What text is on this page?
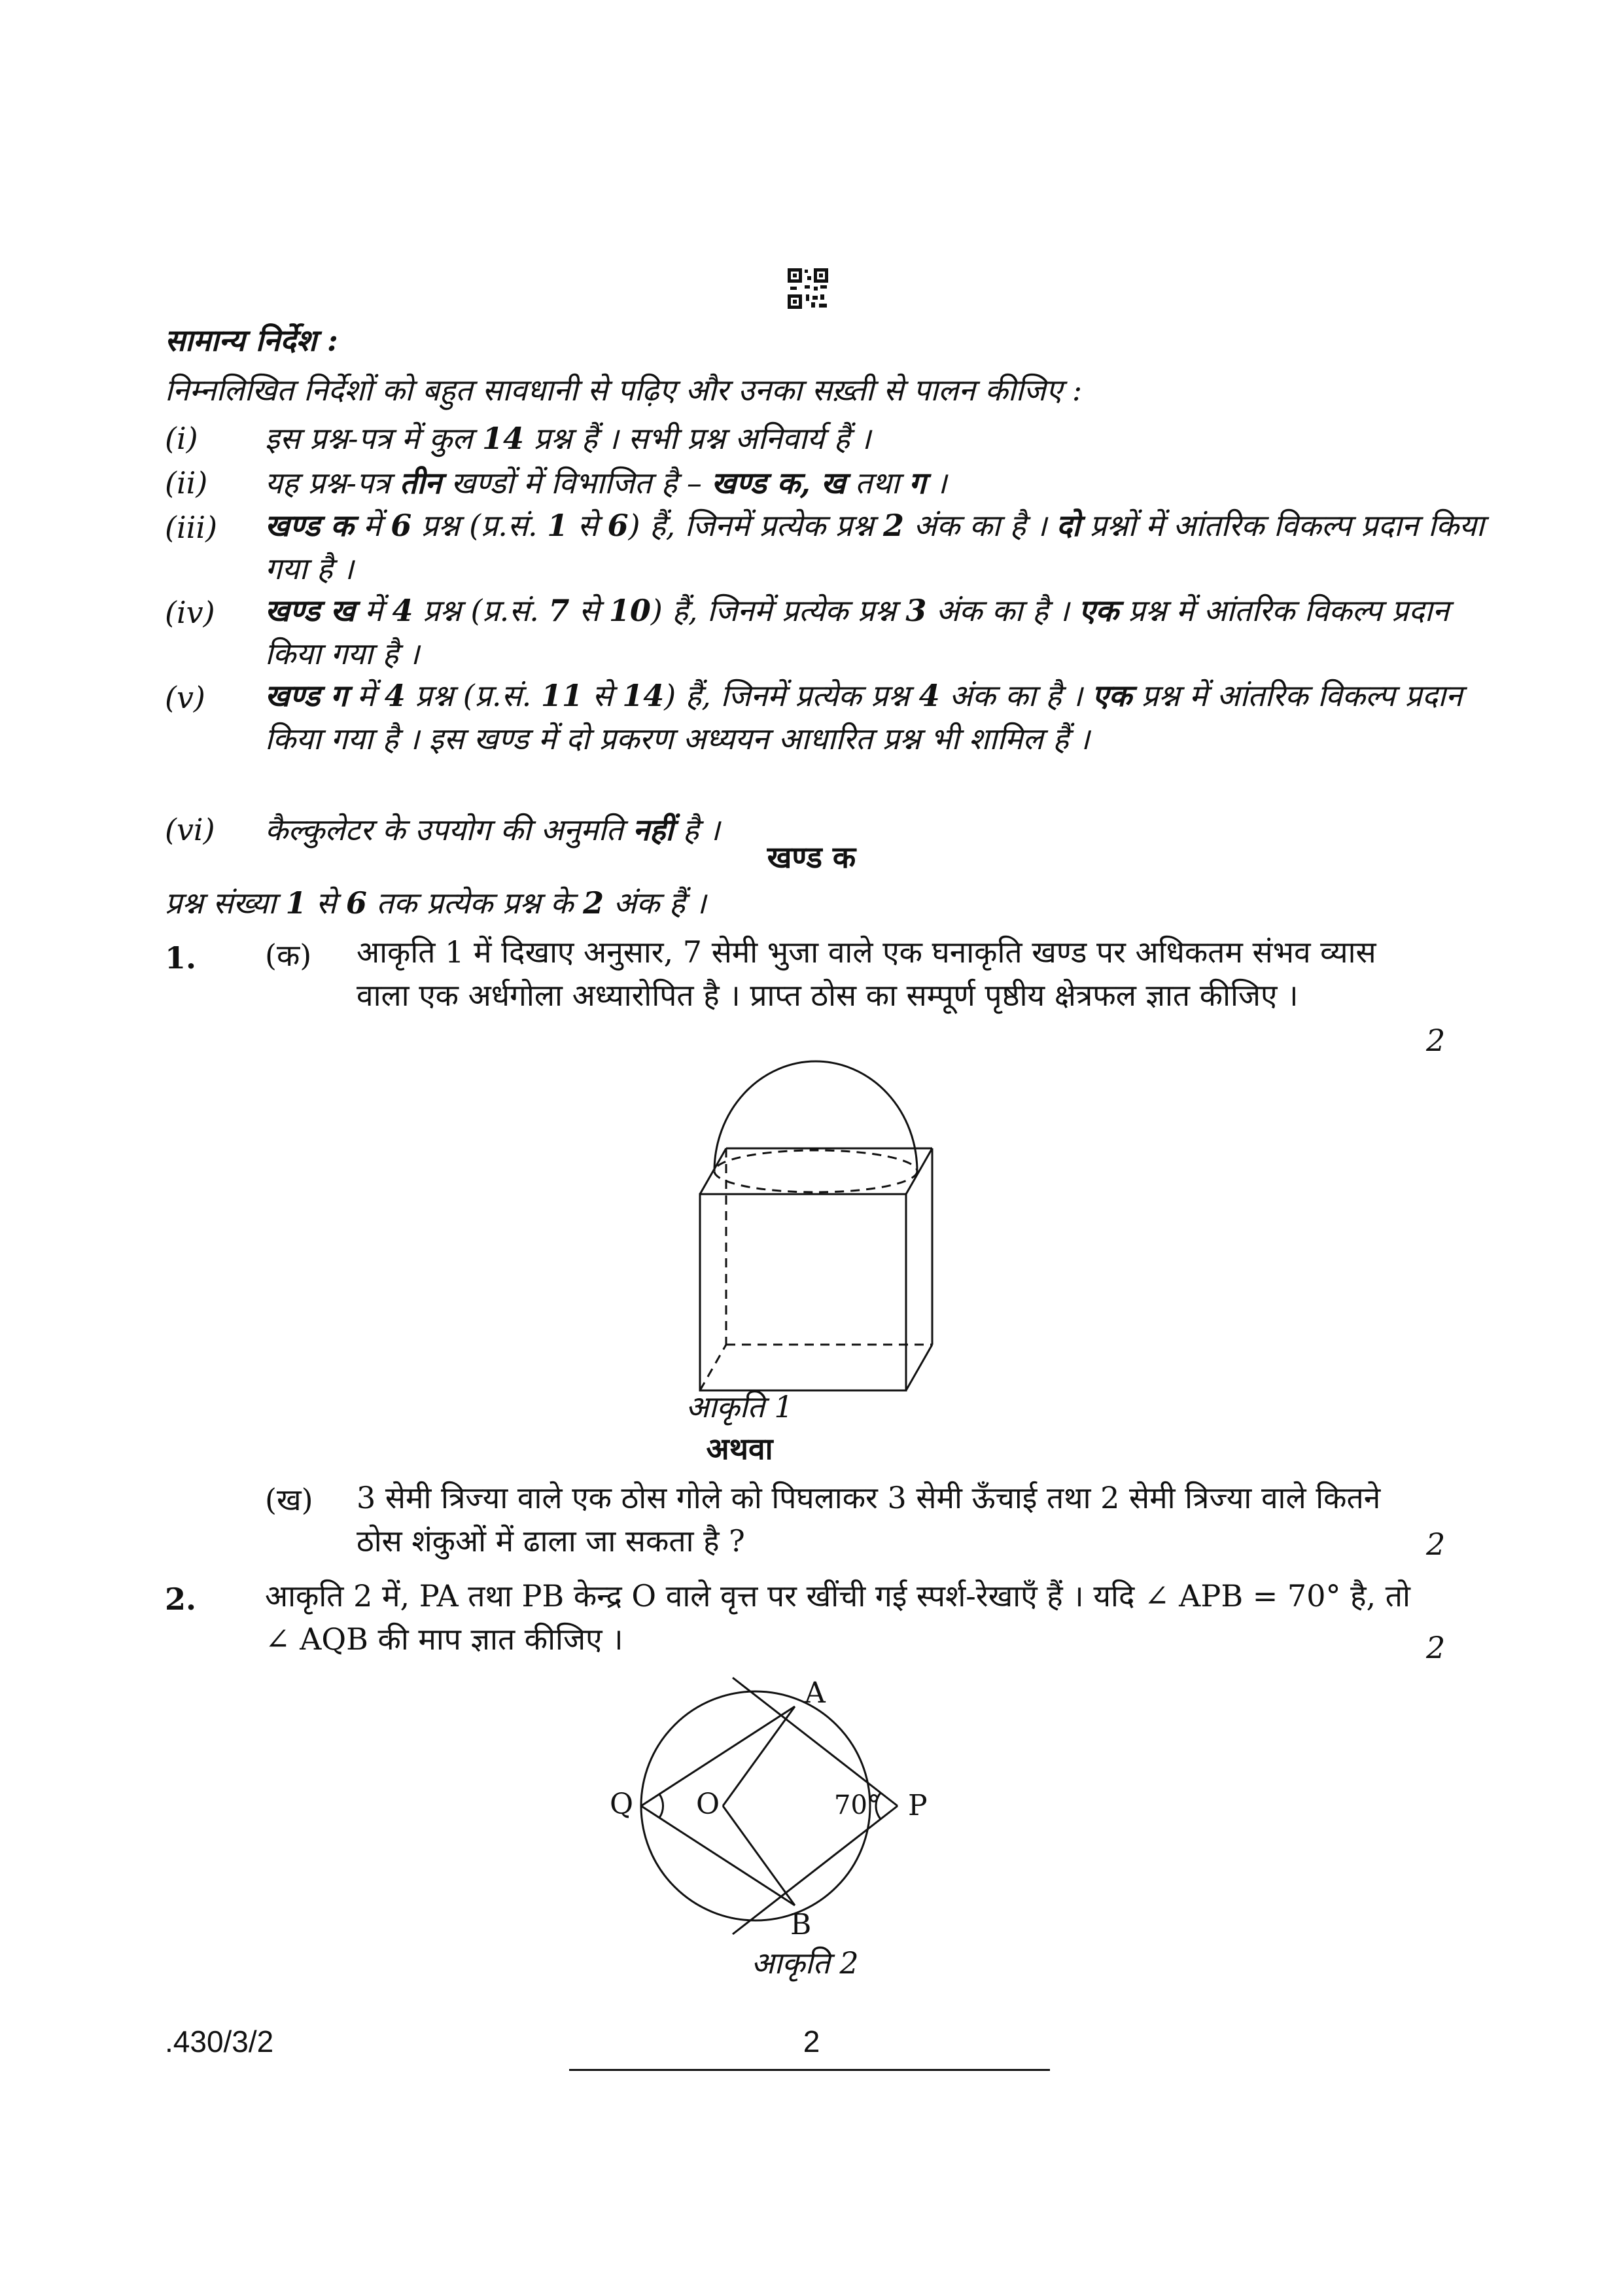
सामान्य निर्देश :
निम्नलिखित निर्देशों को बहुत सावधानी से पढ़िए और उनका सख़्ती से पालन कीजिए :
(i) इस प्रश्न-पत्र में कुल 14 प्रश्न हैं । सभी प्रश्न अनिवार्य हैं ।
(ii) यह प्रश्न-पत्र तीन खण्डों में विभाजित है – खण्ड क, ख तथा ग ।
(iii) खण्ड क में 6 प्रश्न (प्र.सं. 1 से 6) हैं, जिनमें प्रत्येक प्रश्न 2 अंक का है । दो प्रश्नों में आंतरिक विकल्प प्रदान किया गया है ।
(iv) खण्ड ख में 4 प्रश्न (प्र.सं. 7 से 10) हैं, जिनमें प्रत्येक प्रश्न 3 अंक का है । एक प्रश्न में आंतरिक विकल्प प्रदान किया गया है ।
(v) खण्ड ग में 4 प्रश्न (प्र.सं. 11 से 14) हैं, जिनमें प्रत्येक प्रश्न 4 अंक का है । एक प्रश्न में आंतरिक विकल्प प्रदान किया गया है । इस खण्ड में दो प्रकरण अध्ययन आधारित प्रश्न भी शामिल हैं ।
(vi) कैल्कुलेटर के उपयोग की अनुमति नहीं है ।
खण्ड क
प्रश्न संख्या 1 से 6 तक प्रत्येक प्रश्न के 2 अंक हैं ।
1. (क) आकृति 1 में दिखाए अनुसार, 7 सेमी भुजा वाले एक घनाकृति खण्ड पर अधिकतम संभव व्यास वाला एक अर्धगोला अध्यारोपित है । प्राप्त ठोस का सम्पूर्ण पृष्ठीय क्षेत्रफल ज्ञात कीजिए ।
2
आकृति 1
अथवा
(ख) 3 सेमी त्रिज्या वाले एक ठोस गोले को पिघलाकर 3 सेमी ऊँचाई तथा 2 सेमी त्रिज्या वाले कितने ठोस शंकुओं में ढाला जा सकता है ?	2
2. आकृति 2 में, PA तथा PB केन्द्र O वाले वृत्त पर खींची गई स्पर्श-रेखाएँ हैं । यदि ∠ APB = 70° है, तो ∠ AQB की माप ज्ञात कीजिए ।	2
A
B
O	P
Q	70°
आकृति 2
.430/3/2	2
